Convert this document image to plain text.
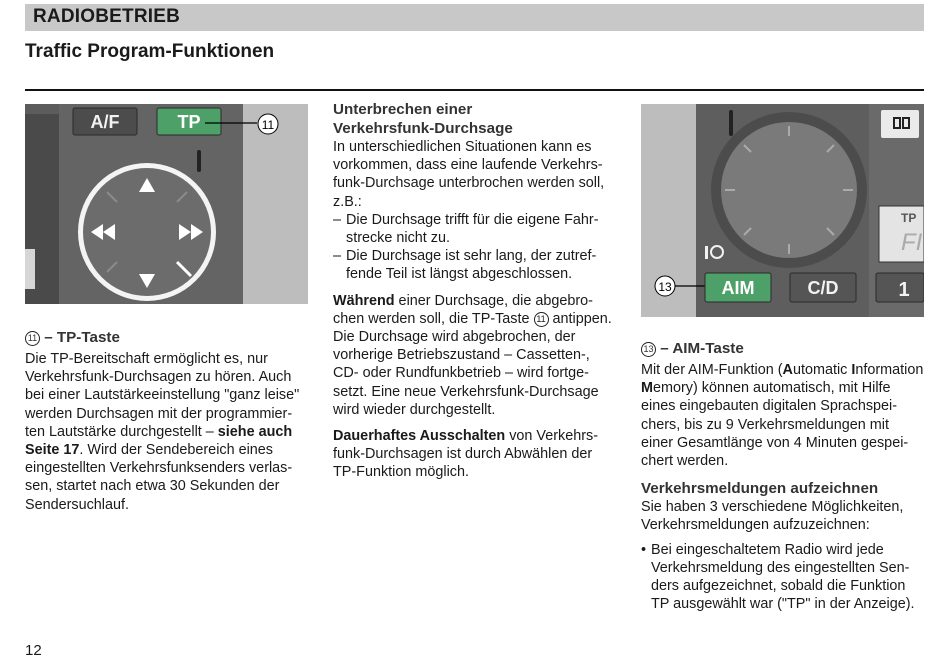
RADIOBETRIEB
Traffic Program-Funktionen
A/F	TP	11
11 – TP-Taste

Die TP-Bereitschaft ermöglicht es, nur

Verkehrsfunk-Durchsagen zu hören. Auch

bei einer Lautstärkeeinstellung "ganz leise"

werden Durchsagen mit der programmier-

ten Lautstärke durchgestellt – siehe auch

Seite 17. Wird der Sendebereich eines

eingestellten Verkehrsfunksenders verlas-

sen, startet nach etwa 30 Sekunden der

Sendersuchlauf.

Unterbrechen einer
Verkehrsfunk-Durchsage

In unterschiedlichen Situationen kann es

vorkommen, dass eine laufende Verkehrs-

funk-Durchsage unterbrochen werden soll,

z.B.:

– Die Durchsage trifft für die eigene Fahr-

strecke nicht zu.

– Die Durchsage ist sehr lang, der zutref-

fende Teil ist längst abgeschlossen.

Während einer Durchsage, die abgebro-

chen werden soll, die TP-Taste 11 antippen.

Die Durchsage wird abgebrochen, der

vorherige Betriebszustand – Cassetten-,

CD- oder Rundfunkbetrieb – wird fortge-

setzt. Eine neue Verkehrsfunk-Durchsage

wird wieder durchgestellt.

Dauerhaftes Ausschalten von Verkehrs-

funk-Durchsagen ist durch Abwählen der

TP-Funktion möglich.

TP
FI
13	AIM	C/D	1
13 – AIM-Taste

Mit der AIM-Funktion (Automatic Information

Memory) können automatisch, mit Hilfe

eines eingebauten digitalen Sprachspei-

chers, bis zu 9 Verkehrsmeldungen mit

einer Gesamtlänge von 4 Minuten gespei-

chert werden.

Verkehrsmeldungen aufzeichnen

Sie haben 3 verschiedene Möglichkeiten,

Verkehrsmeldungen aufzuzeichnen:

• Bei eingeschaltetem Radio wird jede

Verkehrsmeldung des eingestellten Sen-

ders aufgezeichnet, sobald die Funktion

TP ausgewählt war ("TP" in der Anzeige).

12
